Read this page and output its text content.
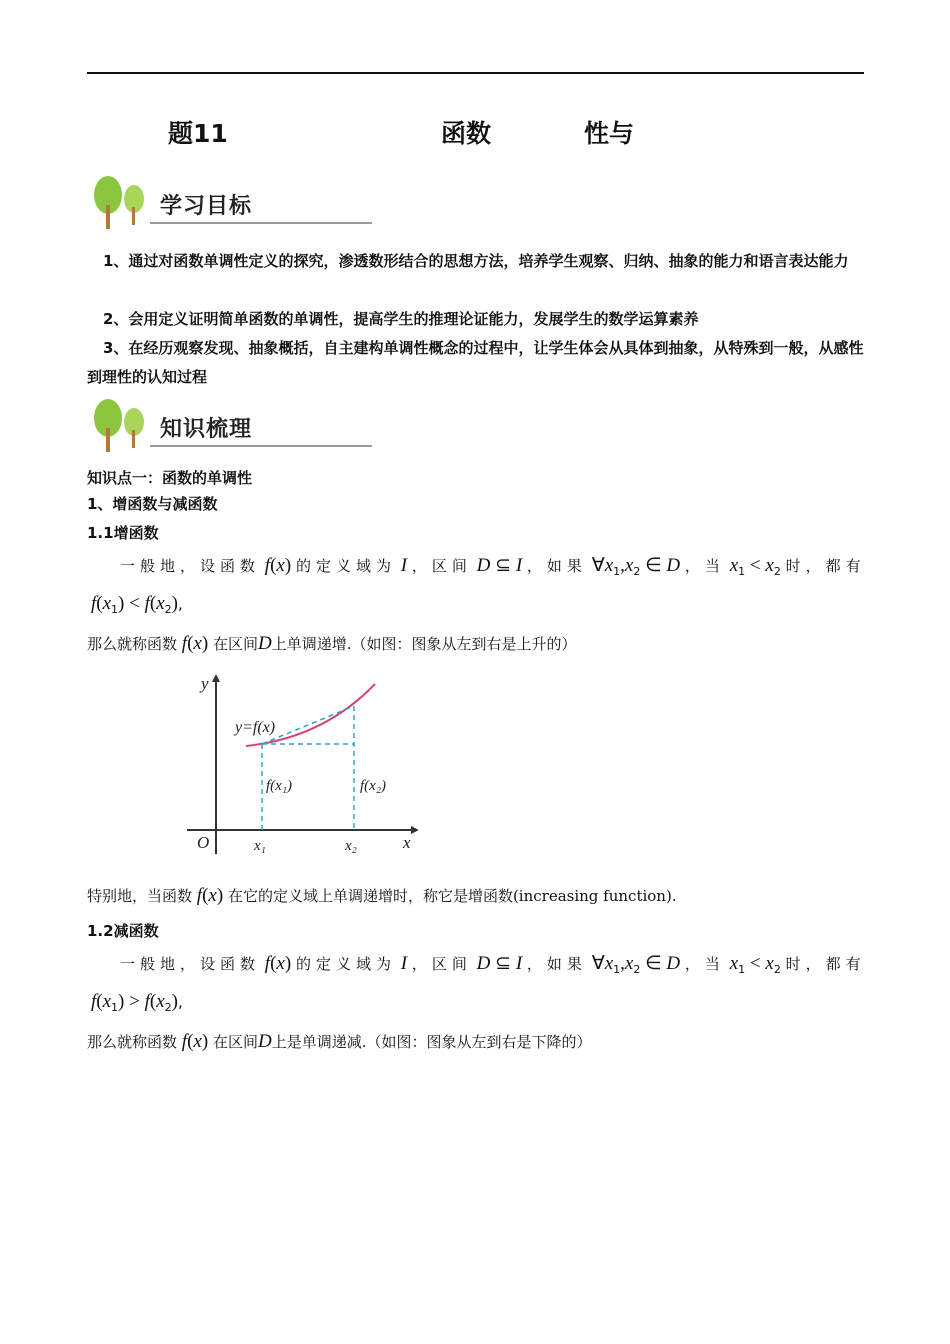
题11	函数	性与
学习目标
1、通过对函数单调性定义的探究，渗透数形结合的思想方法，培养学生观察、归纳、抽象的能力和语言表达能力
2、会用定义证明简单函数的单调性，提高学生的推理论证能力，发展学生的数学运算素养
3、在经历观察发现、抽象概括，自主建构单调性概念的过程中，让学生体会从具体到抽象，从特殊到一般，从感性到理性的认知过程
知识梳理
知识点一：函数的单调性
1、增函数与减函数
1.1增函数
一般地，设函数 f(x) 的定义域为 I ，区间 D ⊆ I ，如果 $\forall x_1,x_2$ ∈ D ，当 $x_1 < x_2$ 时，都有
$f(x_1) < f(x_2)$,
那么就称函数 f(x) 在区间D上单调递增.（如图：图象从左到右是上升的）
y
x
O
y=f(x)
f(x₁)	f(x₂)
x₁	x₂
特别地，当函数 f(x) 在它的定义域上单调递增时，称它是增函数(increasing function).
1.2减函数
一般地，设函数 f(x) 的定义域为 I ，区间 D ⊆ I ，如果 $\forall x_1,x_2$ ∈ D ，当 $x_1 < x_2$ 时，都有
$f(x_1) > f(x_2)$,
那么就称函数 f(x) 在区间D上是单调递减.（如图：图象从左到右是下降的）
